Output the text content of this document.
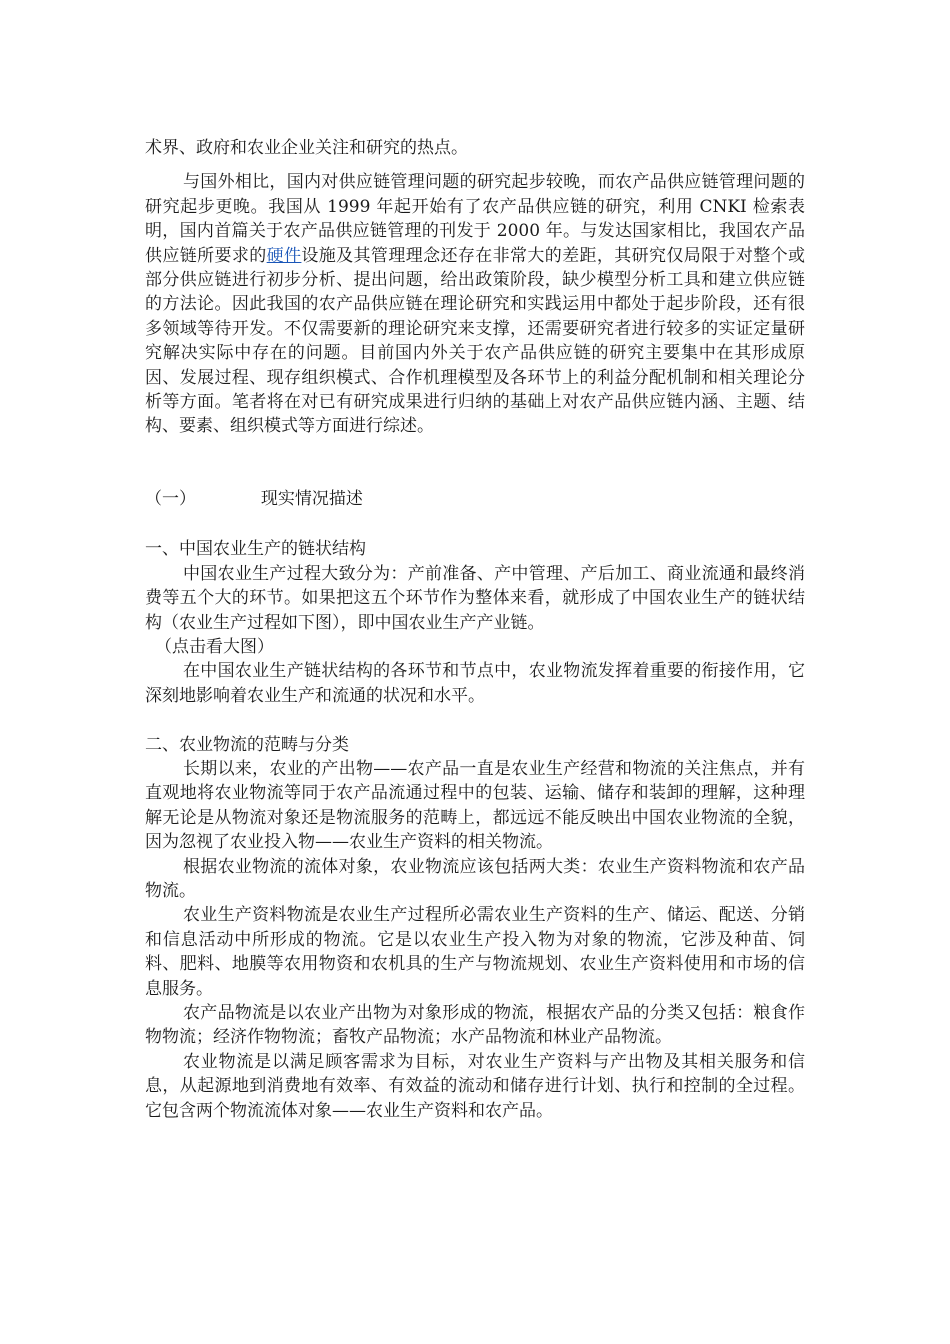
术界、政府和农业企业关注和研究的热点。

与国外相比，国内对供应链管理问题的研究起步较晚，而农产品供应链管理问题的研究起步更晚。我国从 1999 年起开始有了农产品供应链的研究，利用 CNKI 检索表明，国内首篇关于农产品供应链管理的刊发于 2000 年。与发达国家相比，我国农产品供应链所要求的硬件设施及其管理理念还存在非常大的差距，其研究仅局限于对整个或部分供应链进行初步分析、提出问题，给出政策阶段，缺少模型分析工具和建立供应链的方法论。因此我国的农产品供应链在理论研究和实践运用中都处于起步阶段，还有很多领域等待开发。不仅需要新的理论研究来支撑，还需要研究者进行较多的实证定量研究解决实际中存在的问题。目前国内外关于农产品供应链的研究主要集中在其形成原因、发展过程、现存组织模式、合作机理模型及各环节上的利益分配机制和相关理论分析等方面。笔者将在对已有研究成果进行归纳的基础上对农产品供应链内涵、主题、结构、要素、组织模式等方面进行综述。

（一）	现实情况描述

一、中国农业生产的链状结构

中国农业生产过程大致分为：产前准备、产中管理、产后加工、商业流通和最终消费等五个大的环节。如果把这五个环节作为整体来看，就形成了中国农业生产的链状结构（农业生产过程如下图），即中国农业生产产业链。

（点击看大图）

在中国农业生产链状结构的各环节和节点中，农业物流发挥着重要的衔接作用，它深刻地影响着农业生产和流通的状况和水平。

二、农业物流的范畴与分类

长期以来，农业的产出物——农产品一直是农业生产经营和物流的关注焦点，并有直观地将农业物流等同于农产品流通过程中的包装、运输、储存和装卸的理解，这种理解无论是从物流对象还是物流服务的范畴上，都远远不能反映出中国农业物流的全貌，因为忽视了农业投入物——农业生产资料的相关物流。

根据农业物流的流体对象，农业物流应该包括两大类：农业生产资料物流和农产品物流。

农业生产资料物流是农业生产过程所必需农业生产资料的生产、储运、配送、分销和信息活动中所形成的物流。它是以农业生产投入物为对象的物流，它涉及种苗、饲料、肥料、地膜等农用物资和农机具的生产与物流规划、农业生产资料使用和市场的信息服务。

农产品物流是以农业产出物为对象形成的物流，根据农产品的分类又包括：粮食作物物流；经济作物物流；畜牧产品物流；水产品物流和林业产品物流。

农业物流是以满足顾客需求为目标，对农业生产资料与产出物及其相关服务和信息，从起源地到消费地有效率、有效益的流动和储存进行计划、执行和控制的全过程。它包含两个物流流体对象——农业生产资料和农产品。
